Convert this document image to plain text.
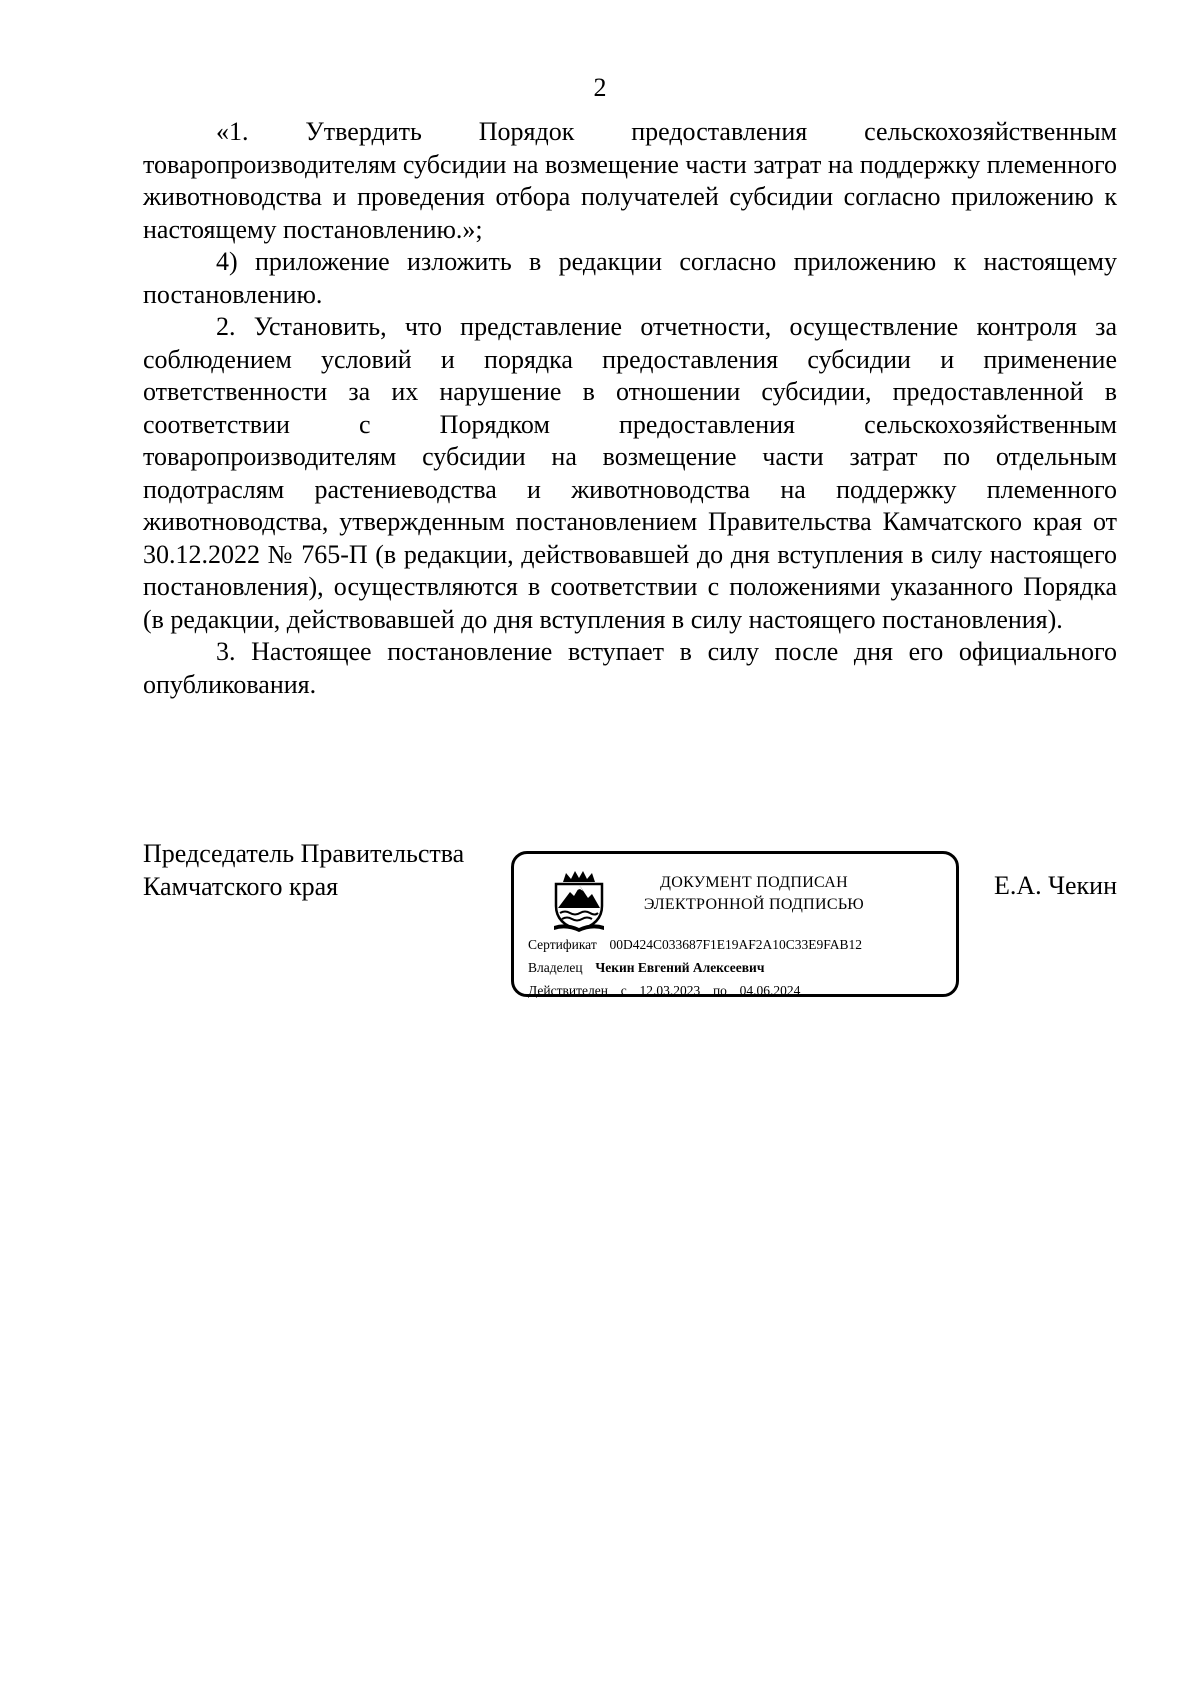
2

«1. Утвердить Порядок предоставления сельскохозяйственным товаропроизводителям субсидии на возмещение части затрат на поддержку племенного животноводства и проведения отбора получателей субсидии согласно приложению к настоящему постановлению.»;

4) приложение изложить в редакции согласно приложению к настоящему постановлению.

2. Установить, что представление отчетности, осуществление контроля за соблюдением условий и порядка предоставления субсидии и применение ответственности за их нарушение в отношении субсидии, предоставленной в соответствии с Порядком предоставления сельскохозяйственным товаропроизводителям субсидии на возмещение части затрат по отдельным подотраслям растениеводства и животноводства на поддержку племенного животноводства, утвержденным постановлением Правительства Камчатского края от 30.12.2022 № 765-П (в редакции, действовавшей до дня вступления в силу настоящего постановления), осуществляются в соответствии с положениями указанного Порядка (в редакции, действовавшей до дня вступления в силу настоящего постановления).

3. Настоящее постановление вступает в силу после дня его официального опубликования.

Председатель Правительства
Камчатского края	ДОКУМЕНТ ПОДПИСАН
ЭЛЕКТРОННОЙ ПОДПИСЬЮ
Сертификат 00D424C033687F1E19AF2A10C33E9FAB12
Владелец Чекин Евгений Алексеевич
Действителен с 12.03.2023 по 04.06.2024
Е.А. Чекин
